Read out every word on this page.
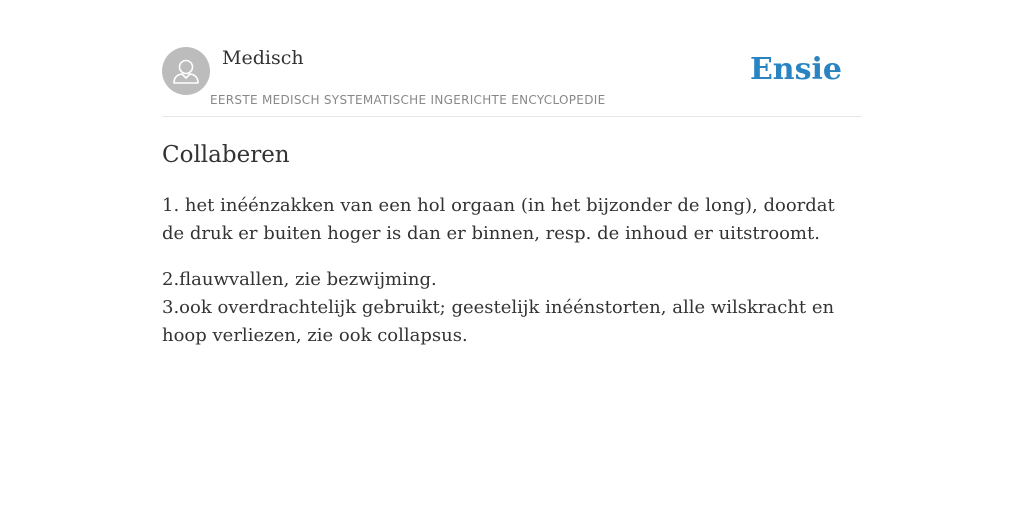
Medisch
EERSTE MEDISCH SYSTEMATISCHE INGERICHTE ENCYCLOPEDIE
Ensie
Collaberen

1. het inéénzakken van een hol orgaan (in het bijzonder de long), doordat de druk er buiten hoger is dan er binnen, resp. de inhoud er uitstroomt.

2.flauwvallen, zie bezwijming.
3.ook overdrachtelijk gebruikt; geestelijk inéénstorten, alle wilskracht en hoop verliezen, zie ook collapsus.
